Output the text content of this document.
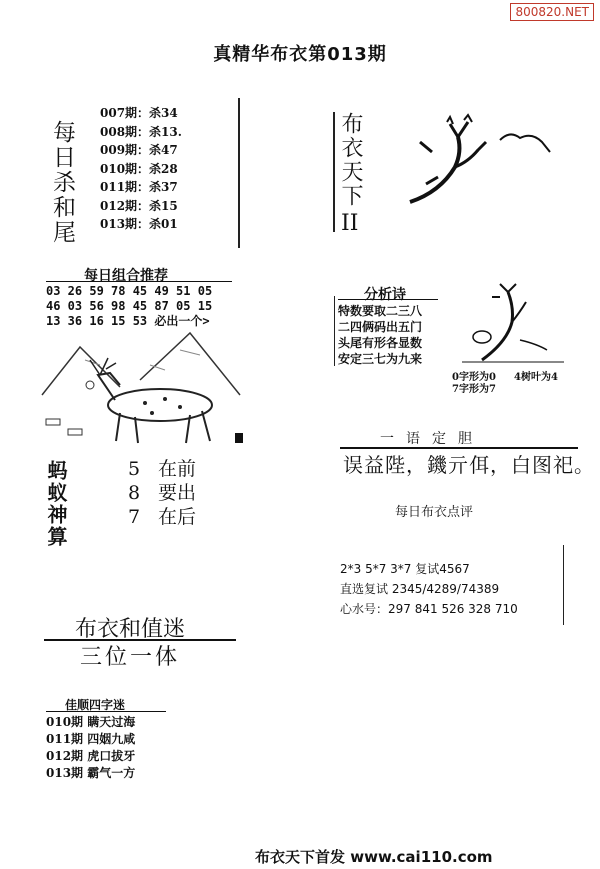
800820.NET
真精华布衣第013期
每日杀和尾
007期：杀34
008期：杀13.
009期：杀47
010期：杀28
011期：杀37
012期：杀15
013期：杀01
每日组合推荐
03 26 59 78 45 49 51 05
46 03 56 98 45 87 05 15
13 36 16 15 53 必出一个>
蚂蚁神算	5 在前
8 要出
7 在后
布衣和值迷
三位一体
佳顺四字迷
010期 瞒天过海
011期 四姻九咸
012期 虎口拔牙
013期 霸气一方
布衣天下
II
分析诗
特数要取二三八
二四俩码出五门
头尾有形各显数
安定三七为九来
0字形为0 4树叶为4
7字形为7
一语定胆
误益陛，鐖亓佴，白图祀。
每日布衣点评
2*3 5*7 3*7 复试4567
直选复试 2345/4289/74389
心水号：297 841 526 328 710
布衣天下首发 www.cai110.com
